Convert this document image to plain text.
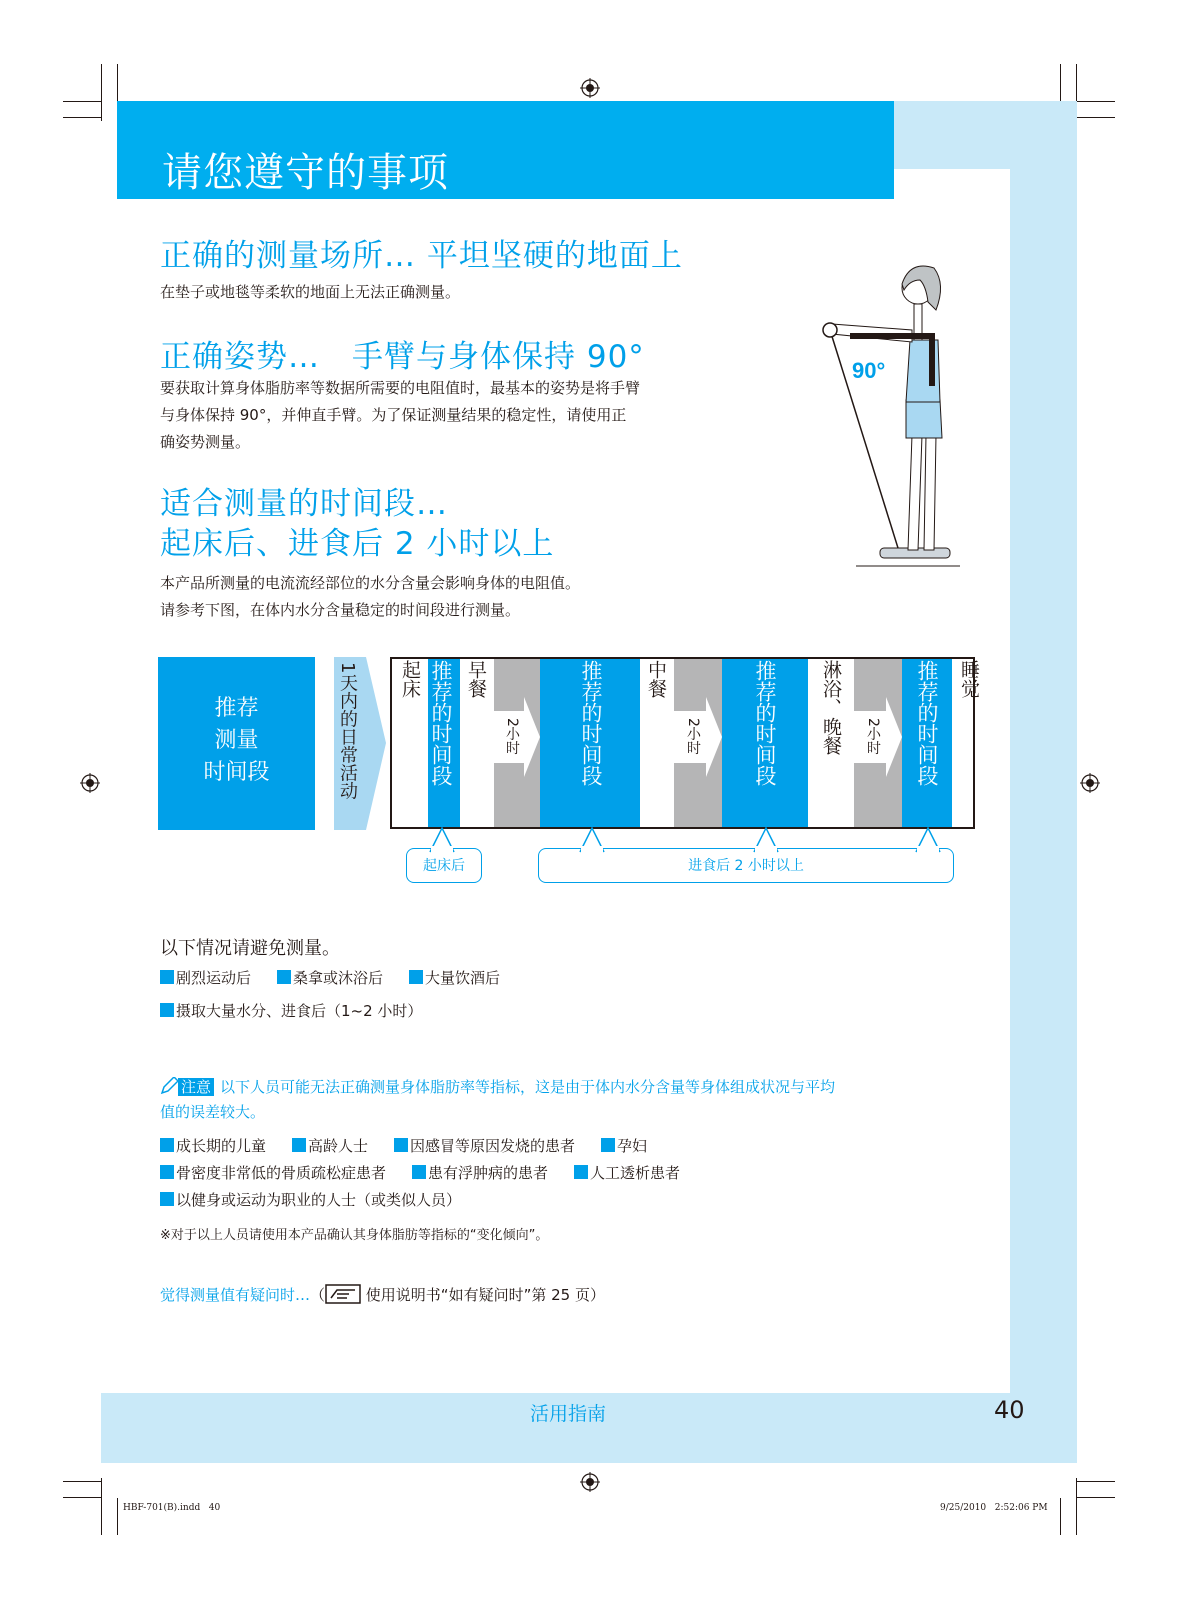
请您遵守的事项
正确的测量场所… 平坦坚硬的地面上
在垫子或地毯等柔软的地面上无法正确测量。
正确姿势…　手臂与身体保持 90°
要获取计算身体脂肪率等数据所需要的电阻值时，最基本的姿势是将手臂
与身体保持 90°，并伸直手臂。为了保证测量结果的稳定性，请使用正
确姿势测量。
适合测量的时间段…
起床后、进食后 2 小时以上
本产品所测量的电流流经部位的水分含量会影响身体的电阻值。
请参考下图，在体内水分含量稳定的时间段进行测量。
90°
推荐
测量
时间段	1天内的日常活动 起床 推荐的时间段 早餐
2小时	推荐的时间段 中餐
2小时 推荐的时间段 淋浴、晚餐 2小时 推荐的时间段 睡觉
起床后	进食后 2 小时以上
以下情况请避免测量。
剧烈运动后	桑拿或沐浴后	大量饮酒后
摄取大量水分、进食后（1~2 小时）
注意 以下人员可能无法正确测量身体脂肪率等指标，这是由于体内水分含量等身体组成状况与平均
值的误差较大。
成长期的儿童	高龄人士	因感冒等原因发烧的患者	孕妇
骨密度非常低的骨质疏松症患者	患有浮肿病的患者	人工透析患者
以健身或运动为职业的人士（或类似人员）
※对于以上人员请使用本产品确认其身体脂肪等指标的“变化倾向”。
觉得测量值有疑问时…（ 使用说明书“如有疑问时”第 25 页）
活用指南	40
HBF-701(B).indd   40	9/25/2010   2:52:06 PM
